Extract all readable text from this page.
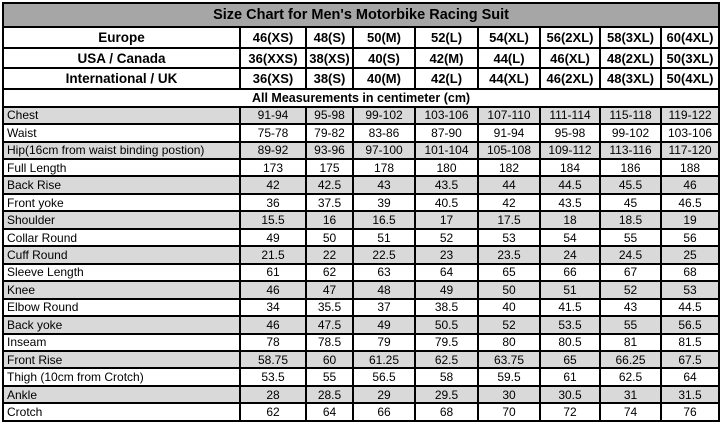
Size Chart for Men's Motorbike Racing Suit								
Europe	46(XS)	48(S)	50(M)	52(L)	54(XL)	56(2XL)	58(3XL)	60(4XL)
USA / Canada	36(XXS)	38(XS)	40(S)	42(M)	44(L)	46(XL)	48(2XL)	50(3XL)
International / UK	36(XS)	38(S)	40(M)	42(L)	44(XL)	46(2XL)	48(3XL)	50(4XL)
All Measurements in centimeter (cm)								
Chest	91-94	95-98	99-102	103-106	107-110	111-114	115-118	119-122
Waist	75-78	79-82	83-86	87-90	91-94	95-98	99-102	103-106
Hip(16cm from waist binding postion)	89-92	93-96	97-100	101-104	105-108	109-112	113-116	117-120
Full Length	173	175	178	180	182	184	186	188
Back Rise	42	42.5	43	43.5	44	44.5	45.5	46
Front yoke	36	37.5	39	40.5	42	43.5	45	46.5
Shoulder	15.5	16	16.5	17	17.5	18	18.5	19
Collar Round	49	50	51	52	53	54	55	56
Cuff Round	21.5	22	22.5	23	23.5	24	24.5	25
Sleeve Length	61	62	63	64	65	66	67	68
Knee	46	47	48	49	50	51	52	53
Elbow Round	34	35.5	37	38.5	40	41.5	43	44.5
Back yoke	46	47.5	49	50.5	52	53.5	55	56.5
Inseam	78	78.5	79	79.5	80	80.5	81	81.5
Front Rise	58.75	60	61.25	62.5	63.75	65	66.25	67.5
Thigh (10cm from Crotch)	53.5	55	56.5	58	59.5	61	62.5	64
Ankle	28	28.5	29	29.5	30	30.5	31	31.5
Crotch	62	64	66	68	70	72	74	76
